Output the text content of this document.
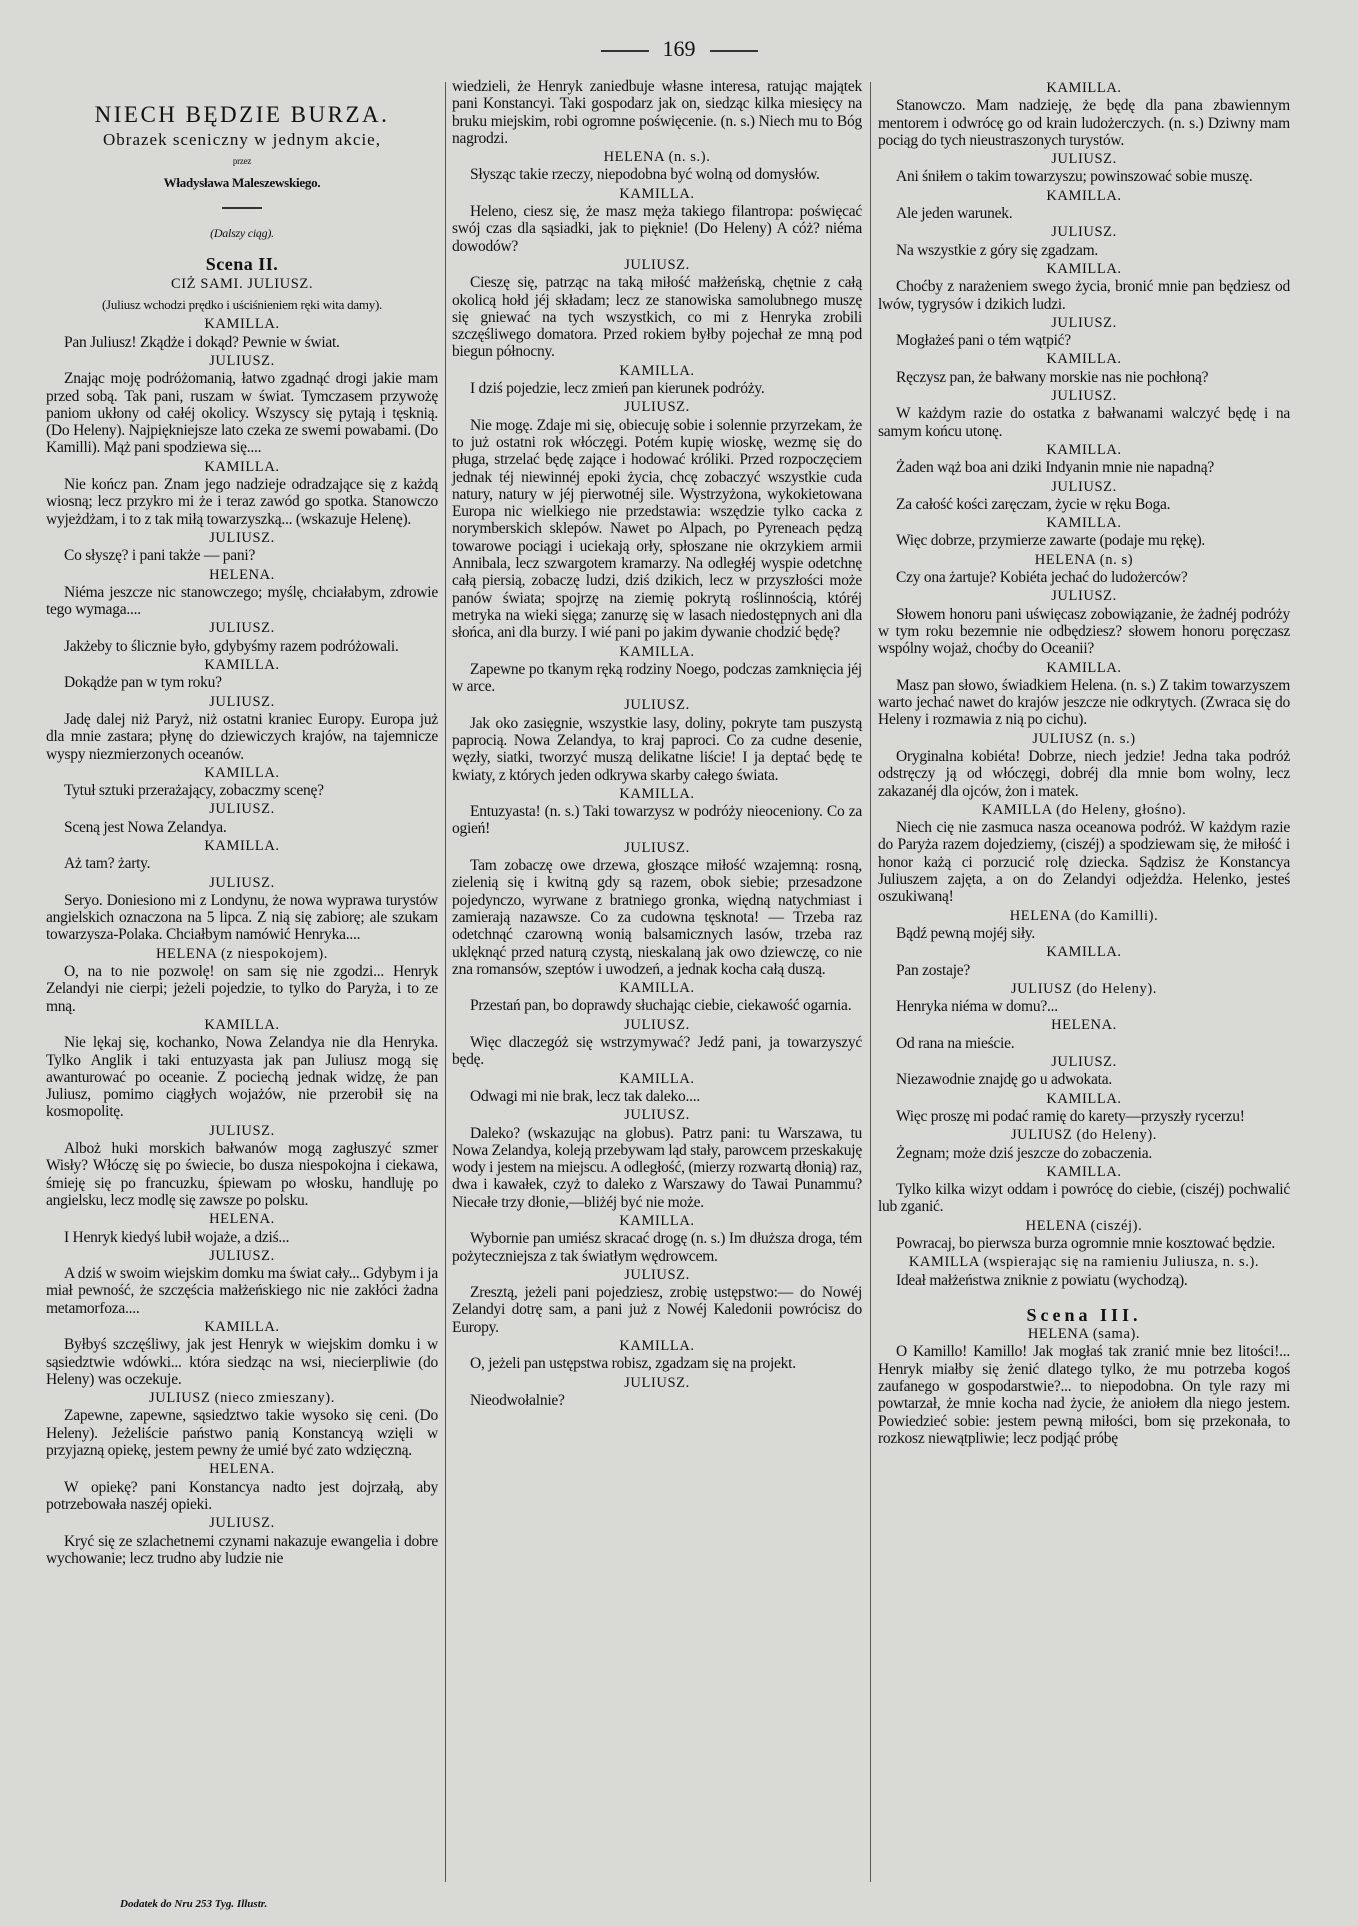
169
NIECH BĘDZIE BURZA.
Obrazek sceniczny w jednym akcie,
przez
Władysława Maleszewskiego.
(Dalszy ciąg).
Scena II.
CIŻ SAMI. JULIUSZ.
(Juliusz wchodzi prędko i uściśnieniem ręki wita damy).
KAMILLA.
Pan Juliusz! Zkądże i dokąd? Pewnie w świat.
JULIUSZ.
Znając moję podróżomanią, łatwo zgadnąć drogi jakie mam przed sobą. Tak pani, ruszam w świat. Tymczasem przywożę paniom ukłony od całéj okolicy. Wszyscy się pytają i tęsknią. (Do Heleny). Najpiękniejsze lato czeka ze swemi powabami. (Do Kamilli). Mąż pani spodziewa się....
KAMILLA.
Nie kończ pan. Znam jego nadzieje odradzające się z każdą wiosną; lecz przykro mi że i teraz zawód go spotka. Stanowczo wyjeżdżam, i to z tak miłą towarzyszką... (wskazuje Helenę).
JULIUSZ.
Co słyszę? i pani także — pani?
HELENA.
Niéma jeszcze nic stanowczego; myślę, chciałabym, zdrowie tego wymaga....
JULIUSZ.
Jakżeby to ślicznie było, gdybyśmy razem podróżowali.
KAMILLA.
Dokądże pan w tym roku?
JULIUSZ.
Jadę dalej niż Paryż, niż ostatni kraniec Europy. Europa już dla mnie zastara; płynę do dziewiczych krajów, na tajemnicze wyspy niezmierzonych oceanów.
KAMILLA.
Tytuł sztuki przerażający, zobaczmy scenę?
JULIUSZ.
Sceną jest Nowa Zelandya.
KAMILLA.
Aż tam? żarty.
JULIUSZ.
Seryo. Doniesiono mi z Londynu, że nowa wyprawa turystów angielskich oznaczona na 5 lipca. Z nią się zabiorę; ale szukam towarzysza-Polaka. Chciałbym namówić Henryka....
HELENA (z niespokojem).
O, na to nie pozwolę! on sam się nie zgodzi... Henryk Zelandyi nie cierpi; jeżeli pojedzie, to tylko do Paryża, i to ze mną.
KAMILLA.
Nie lękaj się, kochanko, Nowa Zelandya nie dla Henryka. Tylko Anglik i taki entuzyasta jak pan Juliusz mogą się awanturować po oceanie. Z pociechą jednak widzę, że pan Juliusz, pomimo ciągłych wojażów, nie przerobił się na kosmopolitę.
JULIUSZ.
Alboż huki morskich bałwanów mogą zagłuszyć szmer Wisły? Włóczę się po świecie, bo dusza niespokojna i ciekawa, śmieję się po francuzku, śpiewam po włosku, handluję po angielsku, lecz modlę się zawsze po polsku.
HELENA.
I Henryk kiedyś lubił wojaże, a dziś...
JULIUSZ.
A dziś w swoim wiejskim domku ma świat cały... Gdybym i ja miał pewność, że szczęścia małżeńskiego nic nie zakłóci żadna metamorfoza....
KAMILLA.
Byłbyś szczęśliwy, jak jest Henryk w wiejskim domku i w sąsiedztwie wdówki... która siedząc na wsi, niecierpliwie (do Heleny) was oczekuje.
JULIUSZ (nieco zmieszany).
Zapewne, zapewne, sąsiedztwo takie wysoko się ceni. (Do Heleny). Jeżeliście państwo panią Konstancyą wzięli w przyjazną opiekę, jestem pewny że umié być zato wdzięczną.
HELENA.
W opiekę? pani Konstancya nadto jest dojrzałą, aby potrzebowała naszéj opieki.
JULIUSZ.
Kryć się ze szlachetnemi czynami nakazuje ewangelia i dobre wychowanie; lecz trudno aby ludzie nie
wiedzieli, że Henryk zaniedbuje własne interesa, ratując majątek pani Konstancyi. Taki gospodarz jak on, siedząc kilka miesięcy na bruku miejskim, robi ogromne poświęcenie. (n. s.) Niech mu to Bóg nagrodzi.
HELENA (n. s.).
Słysząc takie rzeczy, niepodobna być wolną od domysłów.
KAMILLA.
Heleno, ciesz się, że masz męża takiego filantropa: poświęcać swój czas dla sąsiadki, jak to pięknie! (Do Heleny) A cóż? niéma dowodów?
JULIUSZ.
Cieszę się, patrząc na taką miłość małżeńską, chętnie z całą okolicą hołd jéj składam; lecz ze stanowiska samolubnego muszę się gniewać na tych wszystkich, co mi z Henryka zrobili szczęśliwego domatora. Przed rokiem byłby pojechał ze mną pod biegun północny.
KAMILLA.
I dziś pojedzie, lecz zmień pan kierunek podróży.
JULIUSZ.
Nie mogę. Zdaje mi się, obiecuję sobie i solennie przyrzekam, że to już ostatni rok włóczęgi. Potém kupię wioskę, wezmę się do pługa, strzelać będę zające i hodować króliki. Przed rozpoczęciem jednak téj niewinnéj epoki życia, chcę zobaczyć wszystkie cuda natury, natury w jéj pierwotnéj sile. Wystrzyżona, wykokietowana Europa nic wielkiego nie przedstawia: wszędzie tylko cacka z norymberskich sklepów. Nawet po Alpach, po Pyreneach pędzą towarowe pociągi i uciekają orły, spłoszane nie okrzykiem armii Annibala, lecz szwargotem kramarzy. Na odległéj wyspie odetchnę całą piersią, zobaczę ludzi, dziś dzikich, lecz w przyszłości może panów świata; spojrzę na ziemię pokrytą roślinnością, któréj metryka na wieki sięga; zanurzę się w lasach niedostępnych ani dla słońca, ani dla burzy. I wié pani po jakim dywanie chodzić będę?
KAMILLA.
Zapewne po tkanym ręką rodziny Noego, podczas zamknięcia jéj w arce.
JULIUSZ.
Jak oko zasięgnie, wszystkie lasy, doliny, pokryte tam puszystą paprocią. Nowa Zelandya, to kraj paproci. Co za cudne desenie, węzły, siatki, tworzyć muszą delikatne liście! I ja deptać będę te kwiaty, z których jeden odkrywa skarby całego świata.
KAMILLA.
Entuzyasta! (n. s.) Taki towarzysz w podróży nieoceniony. Co za ogień!
JULIUSZ.
Tam zobaczę owe drzewa, głoszące miłość wzajemną: rosną, zielenią się i kwitną gdy są razem, obok siebie; przesadzone pojedynczo, wyrwane z bratniego gronka, więdną natychmiast i zamierają nazawsze. Co za cudowna tęsknota! — Trzeba raz odetchnąć czarowną wonią balsamicznych lasów, trzeba raz uklęknąć przed naturą czystą, nieskalaną jak owo dziewczę, co nie zna romansów, szeptów i uwodzeń, a jednak kocha całą duszą.
KAMILLA.
Przestań pan, bo doprawdy słuchając ciebie, ciekawość ogarnia.
JULIUSZ.
Więc dlaczegóż się wstrzymywać? Jedź pani, ja towarzyszyć będę.
KAMILLA.
Odwagi mi nie brak, lecz tak daleko....
JULIUSZ.
Daleko? (wskazując na globus). Patrz pani: tu Warszawa, tu Nowa Zelandya, koleją przebywam ląd stały, parowcem przeskakuję wody i jestem na miejscu. A odległość, (mierzy rozwartą dłonią) raz, dwa i kawałek, czyż to daleko z Warszawy do Tawai Punammu? Niecałe trzy dłonie,—bliżéj być nie może.
KAMILLA.
Wybornie pan umiész skracać drogę (n. s.) Im dłuższa droga, tém pożyteczniejsza z tak światłym wędrowcem.
JULIUSZ.
Zresztą, jeżeli pani pojedziesz, zrobię ustępstwo:— do Nowéj Zelandyi dotrę sam, a pani już z Nowéj Kaledonii powrócisz do Europy.
KAMILLA.
O, jeżeli pan ustępstwa robisz, zgadzam się na projekt.
JULIUSZ.
Nieodwołalnie?
KAMILLA.
Stanowczo. Mam nadzieję, że będę dla pana zbawiennym mentorem i odwrócę go od krain ludożerczych. (n. s.) Dziwny mam pociąg do tych nieustraszonych turystów.
JULIUSZ.
Ani śniłem o takim towarzyszu; powinszować sobie muszę.
KAMILLA.
Ale jeden warunek.
JULIUSZ.
Na wszystkie z góry się zgadzam.
KAMILLA.
Choćby z narażeniem swego życia, bronić mnie pan będziesz od lwów, tygrysów i dzikich ludzi.
JULIUSZ.
Mogłażeś pani o tém wątpić?
KAMILLA.
Ręczysz pan, że bałwany morskie nas nie pochłoną?
JULIUSZ.
W każdym razie do ostatka z bałwanami walczyć będę i na samym końcu utonę.
KAMILLA.
Żaden wąż boa ani dziki Indyanin mnie nie napadną?
JULIUSZ.
Za całość kości zaręczam, życie w ręku Boga.
KAMILLA.
Więc dobrze, przymierze zawarte (podaje mu rękę).
HELENA (n. s)
Czy ona żartuje? Kobiéta jechać do ludożerców?
JULIUSZ.
Słowem honoru pani uświęcasz zobowiązanie, że żadnéj podróży w tym roku bezemnie nie odbędziesz? słowem honoru poręczasz wspólny wojaż, choćby do Oceanii?
KAMILLA.
Masz pan słowo, świadkiem Helena. (n. s.) Z takim towarzyszem warto jechać nawet do krajów jeszcze nie odkrytych. (Zwraca się do Heleny i rozmawia z nią po cichu).
JULIUSZ (n. s.)
Oryginalna kobiéta! Dobrze, niech jedzie! Jedna taka podróż odstręczy ją od włóczęgi, dobréj dla mnie bom wolny, lecz zakazanéj dla ojców, żon i matek.
KAMILLA (do Heleny, głośno).
Niech cię nie zasmuca nasza oceanowa podróż. W każdym razie do Paryża razem dojedziemy, (ciszéj) a spodziewam się, że miłość i honor każą ci porzucić rolę dziecka. Sądzisz że Konstancya Juliuszem zajęta, a on do Zelandyi odjeżdża. Helenko, jesteś oszukiwaną!
HELENA (do Kamilli).
Bądź pewną mojéj siły.
KAMILLA.
Pan zostaje?
JULIUSZ (do Heleny).
Henryka niéma w domu?...
HELENA.
Od rana na mieście.
JULIUSZ.
Niezawodnie znajdę go u adwokata.
KAMILLA.
Więc proszę mi podać ramię do karety—przyszły rycerzu!
JULIUSZ (do Heleny).
Żegnam; może dziś jeszcze do zobaczenia.
KAMILLA.
Tylko kilka wizyt oddam i powrócę do ciebie, (ciszéj) pochwalić lub zganić.
HELENA (ciszéj).
Powracaj, bo pierwsza burza ogromnie mnie kosztować będzie.
KAMILLA (wspierając się na ramieniu Juliusza, n. s.).
Ideał małżeństwa zniknie z powiatu (wychodzą).
Scena III.
HELENA (sama).
O Kamillo! Kamillo! Jak mogłaś tak zranić mnie bez litości!... Henryk miałby się żenić dlatego tylko, że mu potrzeba kogoś zaufanego w gospodarstwie?... to niepodobna. On tyle razy mi powtarzał, że mnie kocha nad życie, że aniołem dla niego jestem. Powiedzieć sobie: jestem pewną miłości, bom się przekonała, to rozkosz niewątpliwie; lecz podjąć próbę
Dodatek do Nru 253 Tyg. Illustr.
